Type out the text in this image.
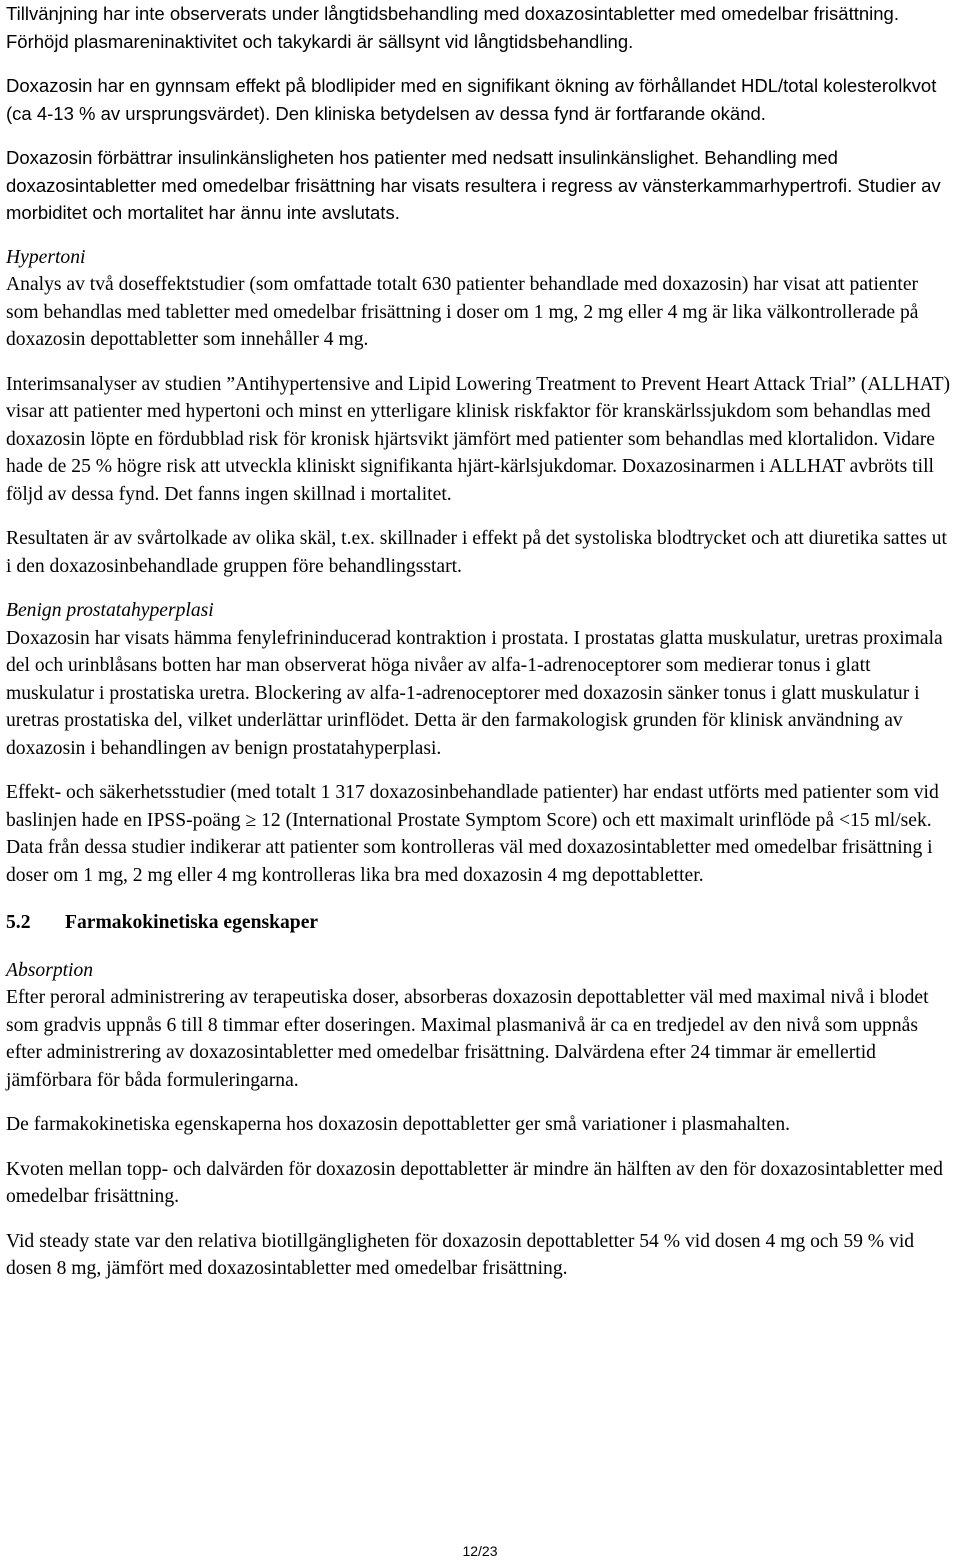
Tillvänjning har inte observerats under långtidsbehandling med doxazosintabletter med omedelbar frisättning. Förhöjd plasmareninaktivitet och takykardi är sällsynt vid långtidsbehandling.

Doxazosin har en gynnsam effekt på blodlipider med en signifikant ökning av förhållandet HDL/total kolesterolkvot (ca 4-13 % av ursprungsvärdet). Den kliniska betydelsen av dessa fynd är fortfarande okänd.

Doxazosin förbättrar insulinkänsligheten hos patienter med nedsatt insulinkänslighet. Behandling med doxazosintabletter med omedelbar frisättning har visats resultera i regress av vänsterkammarhypertrofi. Studier av morbiditet och mortalitet har ännu inte avslutats.

Hypertoni

Analys av två doseffektstudier (som omfattade totalt 630 patienter behandlade med doxazosin) har visat att patienter som behandlas med tabletter med omedelbar frisättning i doser om 1 mg, 2 mg eller 4 mg är lika välkontrollerade på doxazosin depottabletter som innehåller 4 mg.

Interimsanalyser av studien ”Antihypertensive and Lipid Lowering Treatment to Prevent Heart Attack Trial” (ALLHAT) visar att patienter med hypertoni och minst en ytterligare klinisk riskfaktor för kranskärlssjukdom som behandlas med doxazosin löpte en fördubblad risk för kronisk hjärtsvikt jämfört med patienter som behandlas med klortalidon. Vidare hade de 25 % högre risk att utveckla kliniskt signifikanta hjärt-kärlsjukdomar. Doxazosinarmen i ALLHAT avbröts till följd av dessa fynd. Det fanns ingen skillnad i mortalitet.

Resultaten är av svårtolkade av olika skäl, t.ex. skillnader i effekt på det systoliska blodtrycket och att diuretika sattes ut i den doxazosinbehandlade gruppen före behandlingsstart.

Benign prostatahyperplasi

Doxazosin har visats hämma fenylefrininducerad kontraktion i prostata. I prostatas glatta muskulatur, uretras proximala del och urinblåsans botten har man observerat höga nivåer av alfa-1-adrenoceptorer som medierar tonus i glatt muskulatur i prostatiska uretra. Blockering av alfa-1-adrenoceptorer med doxazosin sänker tonus i glatt muskulatur i uretras prostatiska del, vilket underlättar urinflödet. Detta är den farmakologisk grunden för klinisk användning av doxazosin i behandlingen av benign prostatahyperplasi.

Effekt- och säkerhetsstudier (med totalt 1 317 doxazosinbehandlade patienter) har endast utförts med patienter som vid baslinjen hade en IPSS-poäng ≥ 12 (International Prostate Symptom Score) och ett maximalt urinflöde på <15 ml/sek. Data från dessa studier indikerar att patienter som kontrolleras väl med doxazosintabletter med omedelbar frisättning i doser om 1 mg, 2 mg eller 4 mg kontrolleras lika bra med doxazosin 4 mg depottabletter.

5.2 Farmakokinetiska egenskaper

Absorption

Efter peroral administrering av terapeutiska doser, absorberas doxazosin depottabletter väl med maximal nivå i blodet som gradvis uppnås 6 till 8 timmar efter doseringen. Maximal plasmanivå är ca en tredjedel av den nivå som uppnås efter administrering av doxazosintabletter med omedelbar frisättning. Dalvärdena efter 24 timmar är emellertid jämförbara för båda formuleringarna.

De farmakokinetiska egenskaperna hos doxazosin depottabletter ger små variationer i plasmahalten.

Kvoten mellan topp- och dalvärden för doxazosin depottabletter är mindre än hälften av den för doxazosintabletter med omedelbar frisättning.

Vid steady state var den relativa biotillgängligheten för doxazosin depottabletter 54 % vid dosen 4 mg och 59 % vid dosen 8 mg, jämfört med doxazosintabletter med omedelbar frisättning.

12/23
